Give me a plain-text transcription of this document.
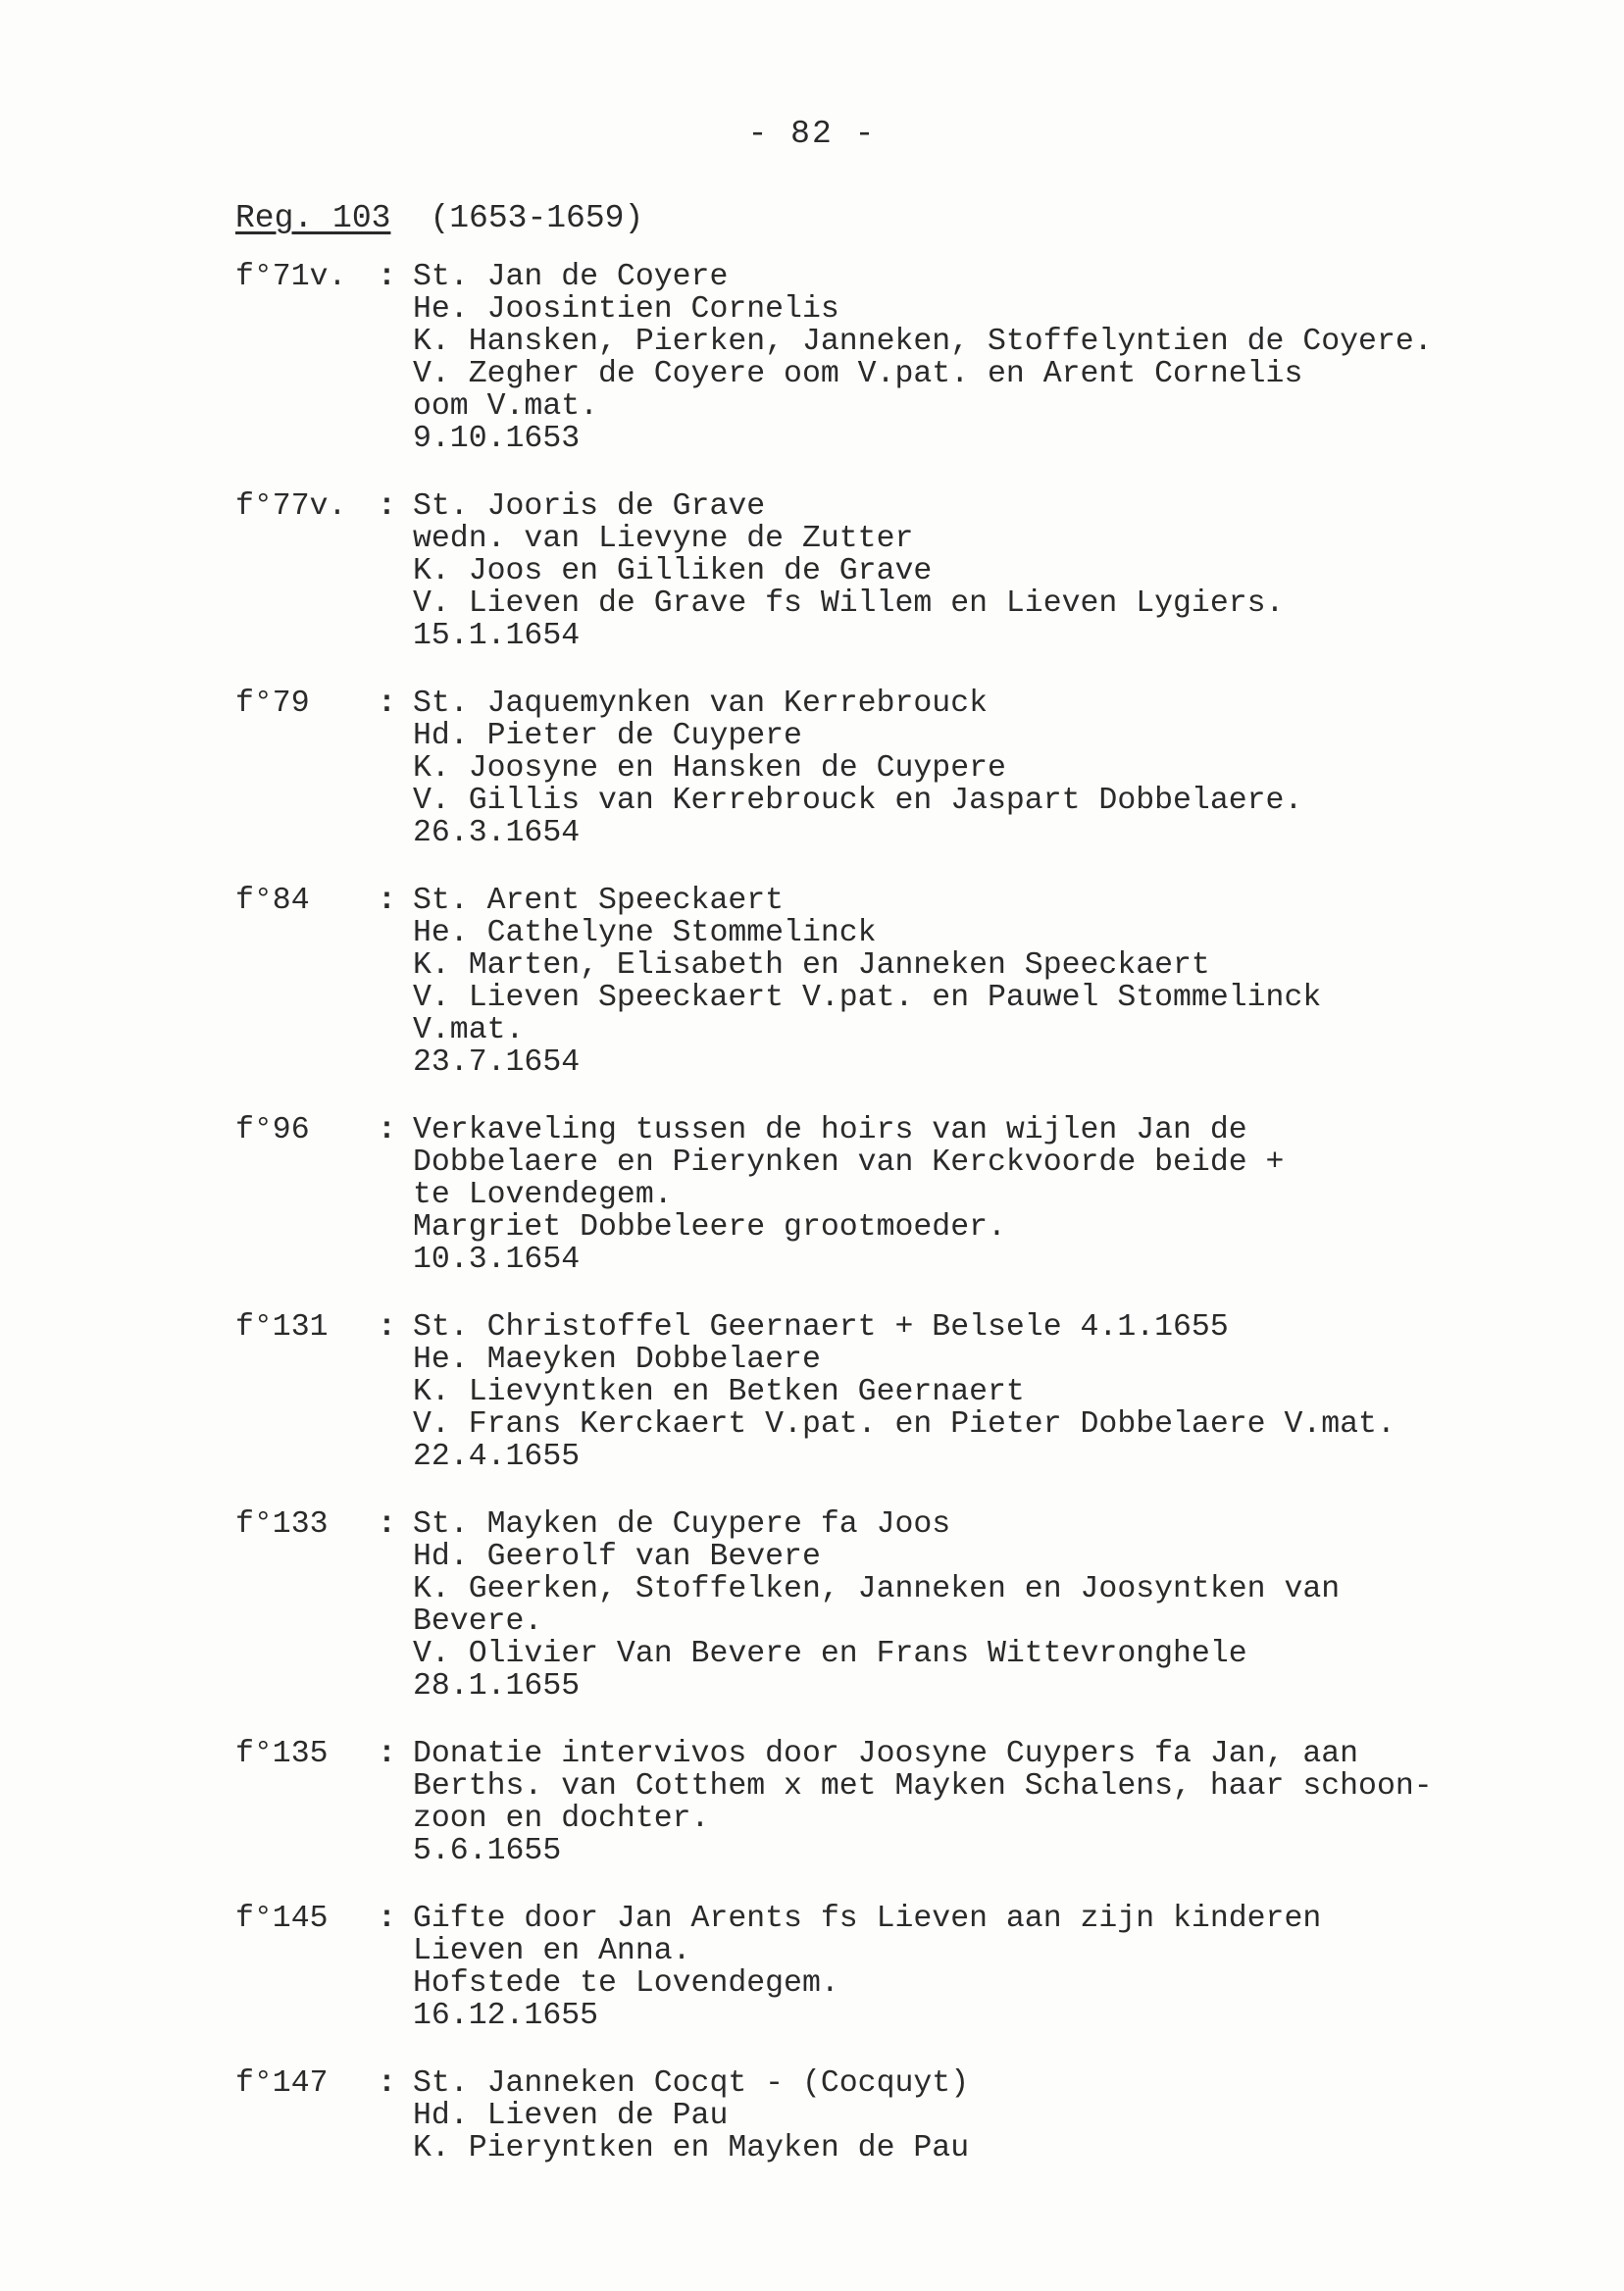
- 82 -
Reg. 103 (1653-1659)
f°71v.	: St. Jan de Coyere
He. Joosintien Cornelis
K. Hansken, Pierken, Janneken, Stoffelyntien de Coyere.
V. Zegher de Coyere oom V.pat. en Arent Cornelis
oom V.mat.
9.10.1653
f°77v.	: St. Jooris de Grave
wedn. van Lievyne de Zutter
K. Joos en Gilliken de Grave
V. Lieven de Grave fs Willem en Lieven Lygiers.
15.1.1654
f°79	: St. Jaquemynken van Kerrebrouck
Hd. Pieter de Cuypere
K. Joosyne en Hansken de Cuypere
V. Gillis van Kerrebrouck en Jaspart Dobbelaere.
26.3.1654
f°84	: St. Arent Speeckaert
He. Cathelyne Stommelinck
K. Marten, Elisabeth en Janneken Speeckaert
V. Lieven Speeckaert V.pat. en Pauwel Stommelinck
V.mat.
23.7.1654
f°96	: Verkaveling tussen de hoirs van wijlen Jan de
Dobbelaere en Pierynken van Kerckvoorde beide +
te Lovendegem.
Margriet Dobbeleere grootmoeder.
10.3.1654
f°131	: St. Christoffel Geernaert + Belsele 4.1.1655
He. Maeyken Dobbelaere
K. Lievyntken en Betken Geernaert
V. Frans Kerckaert V.pat. en Pieter Dobbelaere V.mat.
22.4.1655
f°133	: St. Mayken de Cuypere fa Joos
Hd. Geerolf van Bevere
K. Geerken, Stoffelken, Janneken en Joosyntken van
Bevere.
V. Olivier Van Bevere en Frans Wittevronghele
28.1.1655
f°135	: Donatie intervivos door Joosyne Cuypers fa Jan, aan
Berths. van Cotthem x met Mayken Schalens, haar schoon-
zoon en dochter.
5.6.1655
f°145	: Gifte door Jan Arents fs Lieven aan zijn kinderen
Lieven en Anna.
Hofstede te Lovendegem.
16.12.1655
f°147	: St. Janneken Cocqt - (Cocquyt)
Hd. Lieven de Pau
K. Pieryntken en Mayken de Pau
